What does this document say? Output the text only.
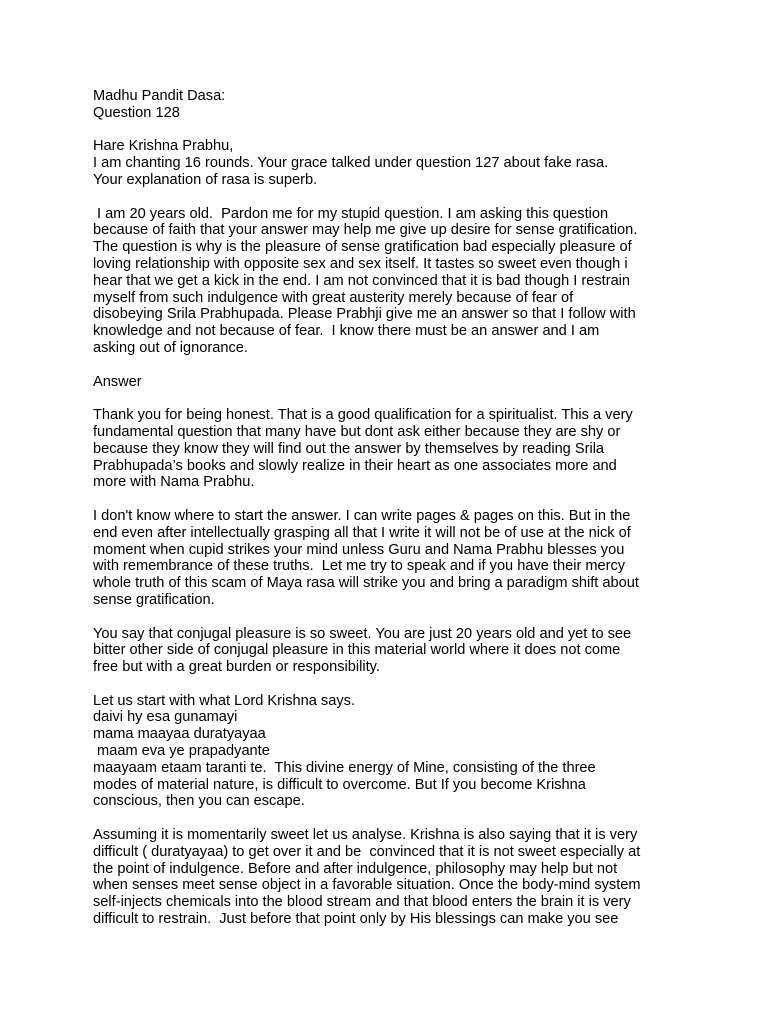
Madhu Pandit Dasa:
Question 128
Hare Krishna Prabhu,
I am chanting 16 rounds. Your grace talked under question 127 about fake rasa.
Your explanation of rasa is superb.
I am 20 years old.  Pardon me for my stupid question. I am asking this question
because of faith that your answer may help me give up desire for sense gratification.
The question is why is the pleasure of sense gratification bad especially pleasure of
loving relationship with opposite sex and sex itself. It tastes so sweet even though i
hear that we get a kick in the end. I am not convinced that it is bad though I restrain
myself from such indulgence with great austerity merely because of fear of
disobeying Srila Prabhupada. Please Prabhji give me an answer so that I follow with
knowledge and not because of fear.  I know there must be an answer and I am
asking out of ignorance.
Answer
Thank you for being honest. That is a good qualification for a spiritualist. This a very
fundamental question that many have but dont ask either because they are shy or
because they know they will find out the answer by themselves by reading Srila
Prabhupada’s books and slowly realize in their heart as one associates more and
more with Nama Prabhu.
I don't know where to start the answer. I can write pages & pages on this. But in the
end even after intellectually grasping all that I write it will not be of use at the nick of
moment when cupid strikes your mind unless Guru and Nama Prabhu blesses you
with remembrance of these truths.  Let me try to speak and if you have their mercy
whole truth of this scam of Maya rasa will strike you and bring a paradigm shift about
sense gratification.
You say that conjugal pleasure is so sweet. You are just 20 years old and yet to see
bitter other side of conjugal pleasure in this material world where it does not come
free but with a great burden or responsibility.
Let us start with what Lord Krishna says.
daivi hy esa gunamayi
mama maayaa duratyayaa
maam eva ye prapadyante
maayaam etaam taranti te.  This divine energy of Mine, consisting of the three
modes of material nature, is difficult to overcome. But If you become Krishna
conscious, then you can escape.
Assuming it is momentarily sweet let us analyse. Krishna is also saying that it is very
difficult ( duratyayaa) to get over it and be  convinced that it is not sweet especially at
the point of indulgence. Before and after indulgence, philosophy may help but not
when senses meet sense object in a favorable situation. Once the body-mind system
self-injects chemicals into the blood stream and that blood enters the brain it is very
difficult to restrain.  Just before that point only by His blessings can make you see
